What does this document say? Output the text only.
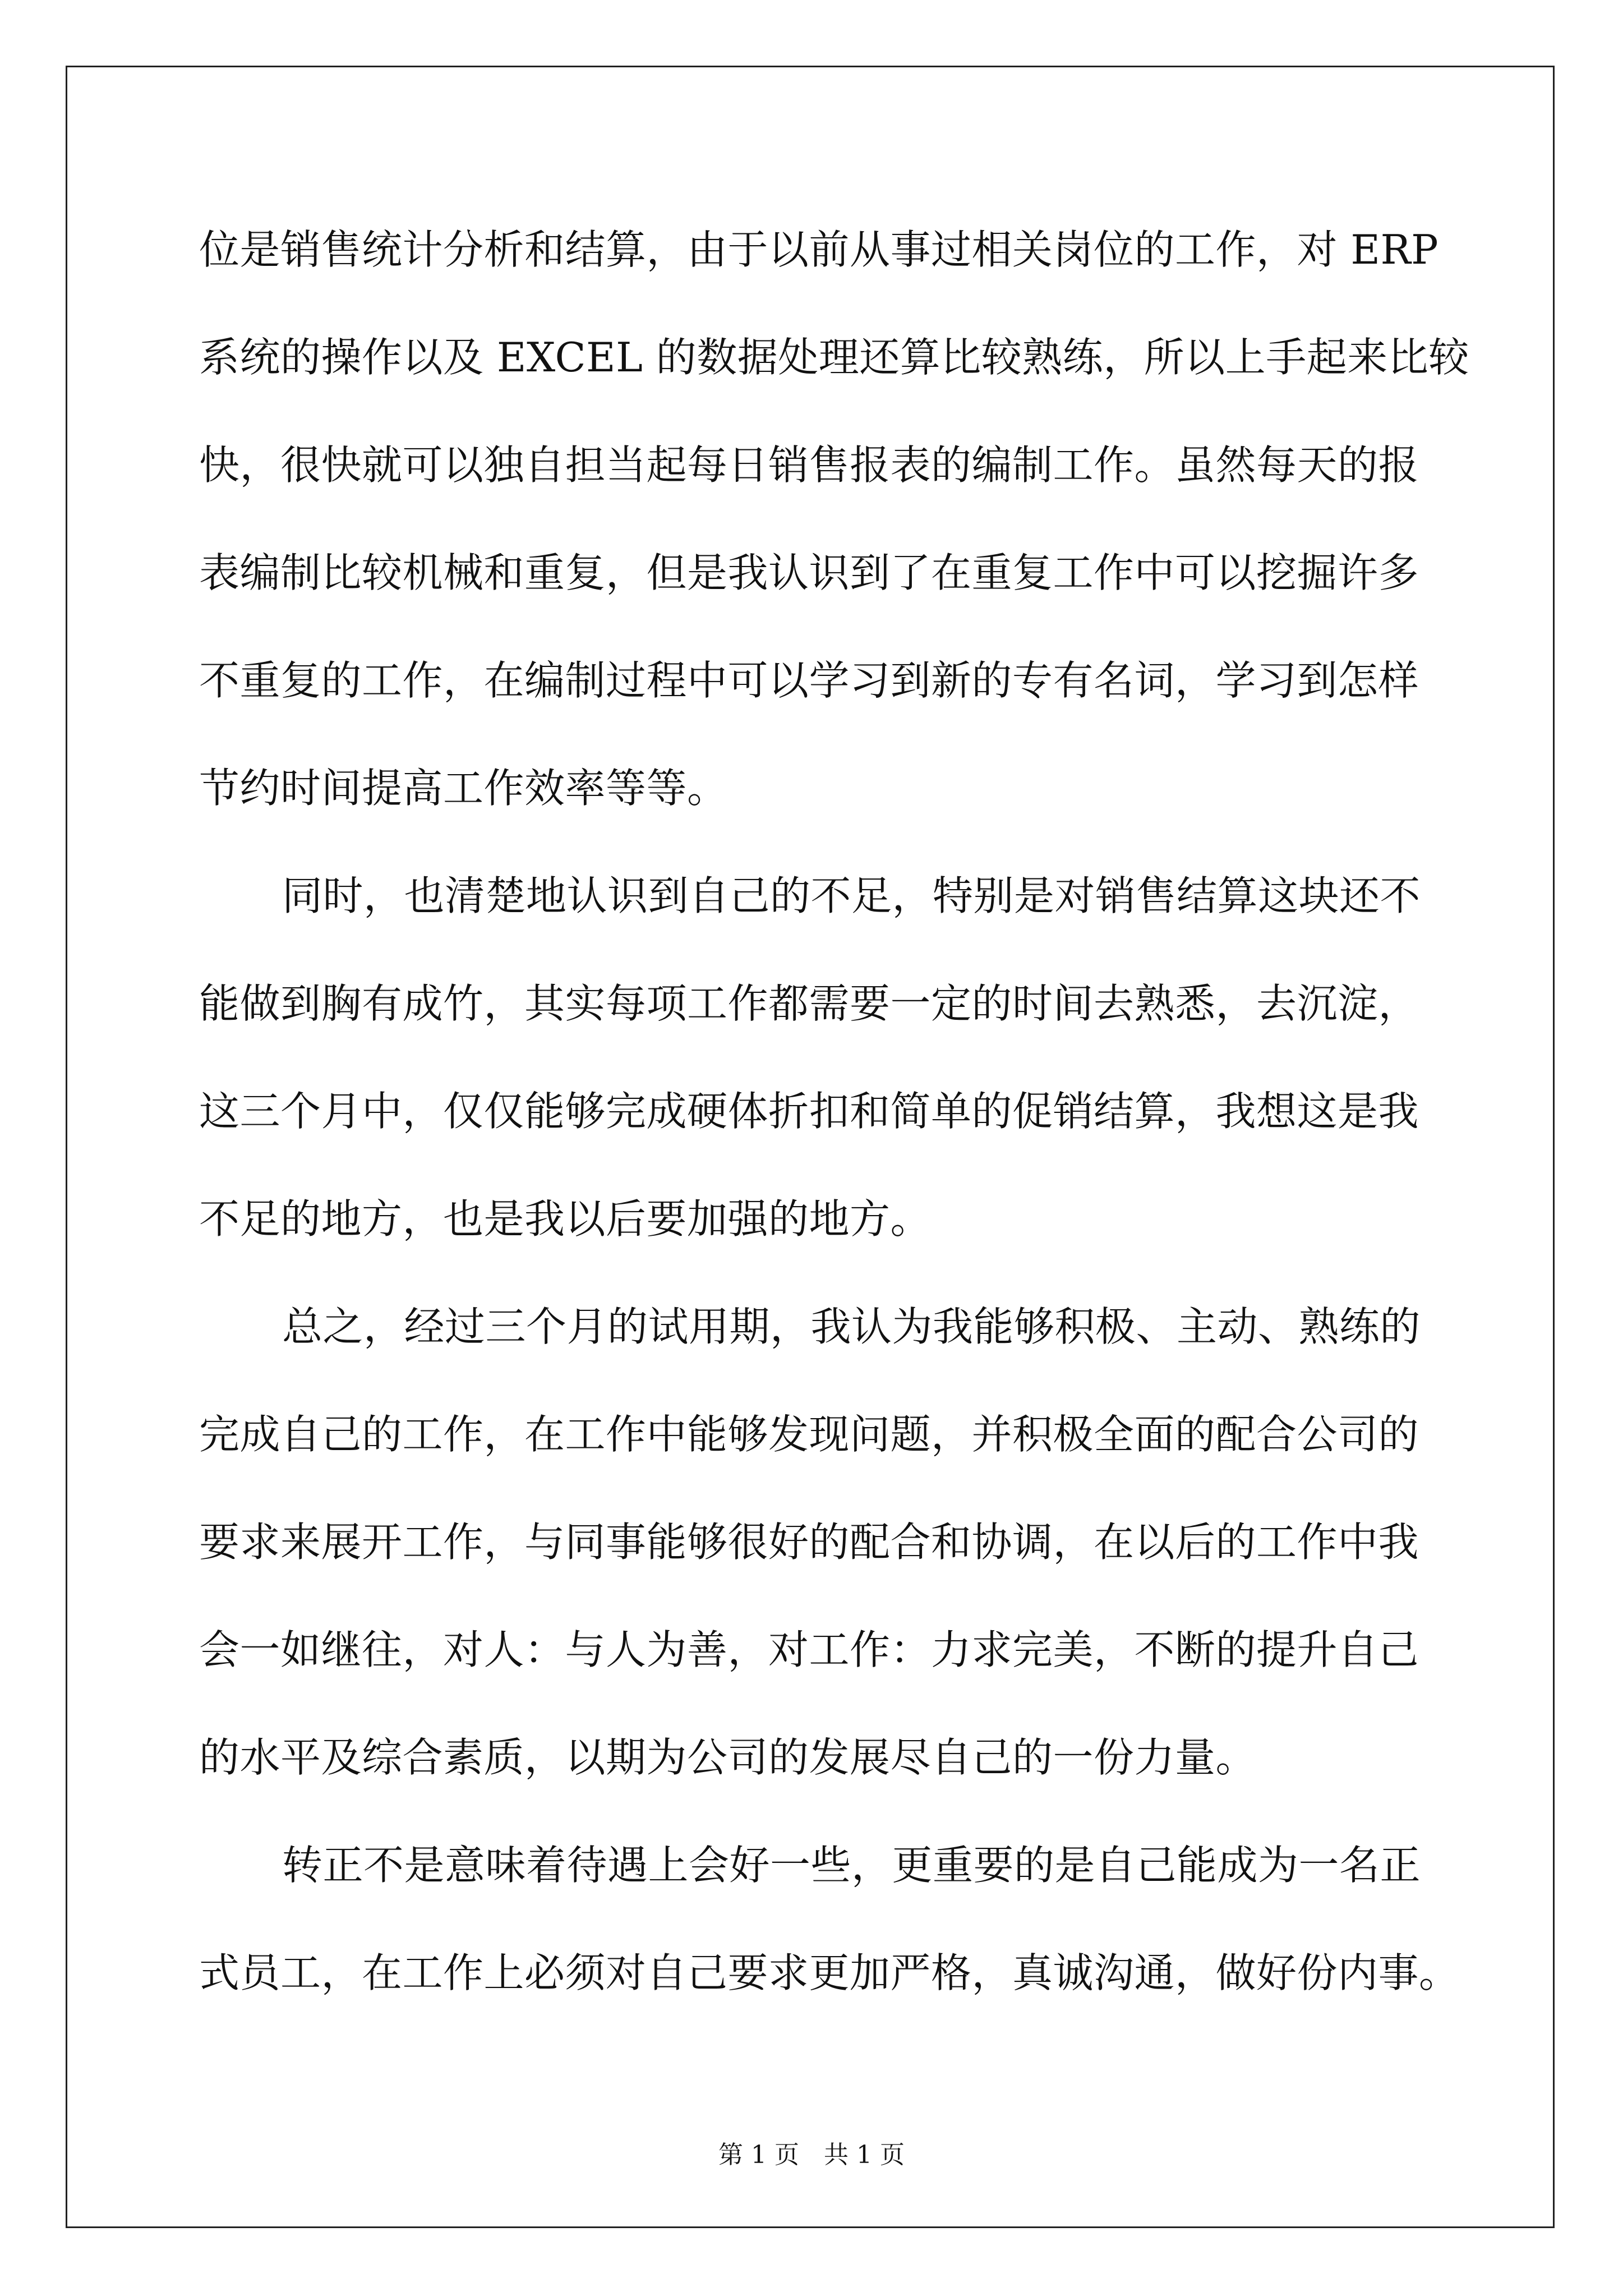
位是销售统计分析和结算，由于以前从事过相关岗位的工作，对 ERP
系统的操作以及 EXCEL 的数据处理还算比较熟练，所以上手起来比较
快，很快就可以独自担当起每日销售报表的编制工作。虽然每天的报
表编制比较机械和重复，但是我认识到了在重复工作中可以挖掘许多
不重复的工作，在编制过程中可以学习到新的专有名词，学习到怎样
节约时间提高工作效率等等。
同时，也清楚地认识到自己的不足，特别是对销售结算这块还不
能做到胸有成竹，其实每项工作都需要一定的时间去熟悉，去沉淀，
这三个月中，仅仅能够完成硬体折扣和简单的促销结算，我想这是我
不足的地方，也是我以后要加强的地方。
总之，经过三个月的试用期，我认为我能够积极、主动、熟练的
完成自己的工作，在工作中能够发现问题，并积极全面的配合公司的
要求来展开工作，与同事能够很好的配合和协调，在以后的工作中我
会一如继往，对人：与人为善，对工作：力求完美，不断的提升自己
的水平及综合素质，以期为公司的发展尽自己的一份力量。
转正不是意味着待遇上会好一些，更重要的是自己能成为一名正
式员工，在工作上必须对自己要求更加严格，真诚沟通，做好份内事。
第 1 页　共 1 页
